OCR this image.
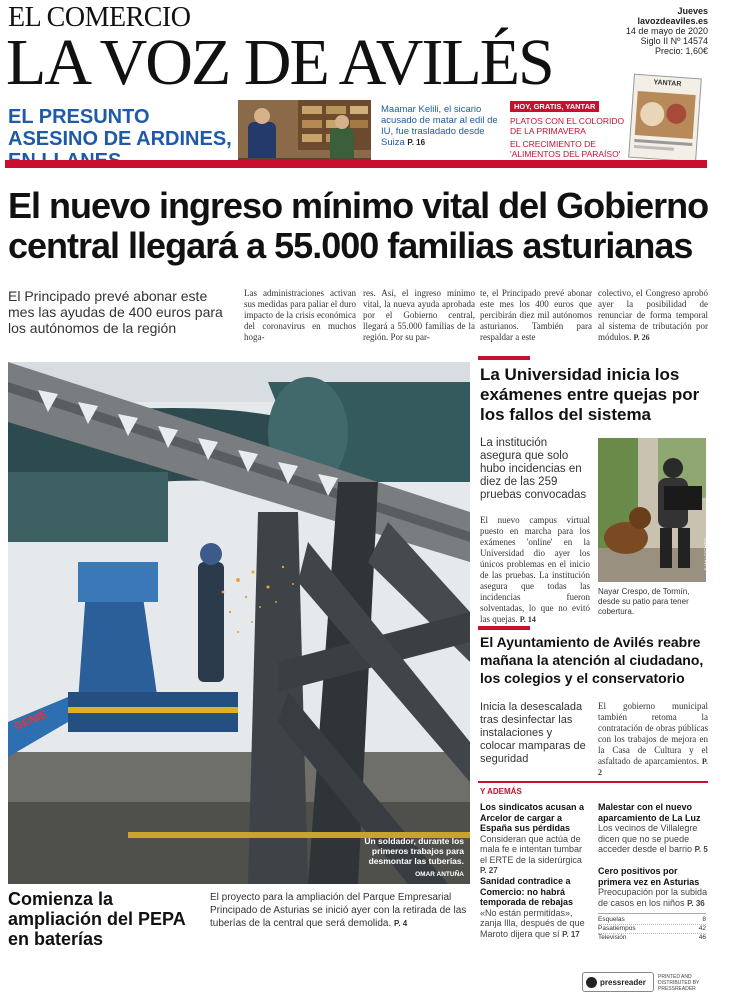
EL COMERCIO
LA VOZ DE AVILÉS
Jueves
lavozdeaviles.es
14 de mayo de 2020
Siglo II Nº 14574
Precio: 1,60€
EL PRESUNTO ASESINO DE ARDINES,
Maamar Kelili, el sicario acusado de matar al edil de IU, fue trasladado desde Suiza P. 16
HOY, GRATIS, YANTAR
PLATOS CON EL COLORIDO DE LA PRIMAVERA
EL CRECIMIENTO DE 'ALIMENTOS DEL PARAÍSO'
YANTAR
El nuevo ingreso mínimo vital del Gobierno central llegará a 55.000 familias asturianas
El Principado prevé abonar este mes las ayudas de 400 euros para los autónomos de la región
Las administraciones activan sus medidas para paliar el duro impacto de la crisis económica del coronavirus en muchos hoga-
res. Así, el ingreso mínimo vital, la nueva ayuda aprobada por el Gobierno central, llegará a 55.000 familias de la región. Por su par-
te, el Principado prevé abonar este mes los 400 euros que percibirán diez mil autónomos asturianos. También para respaldar a este
colectivo, el Congreso aprobó ayer la posibilidad de renunciar de forma temporal al sistema de tributación por módulos. P. 26
GENIE
Un soldador, durante los primeros trabajos para desmontar las tuberías.
OMAR ANTUÑA
Comienza la ampliación del PEPA en baterías
El proyecto para la ampliación del Parque Empresarial Principado de Asturias se inició ayer con la retirada de las tuberías de la central que será demolida. P. 4
La Universidad inicia los exámenes entre quejas por los fallos del sistema
La institución asegura que solo hubo incidencias en diez de las 259 pruebas convocadas
El nuevo campus virtual puesto en marcha para los exámenes 'online' en la Universidad dio ayer los únicos problemas en el inicio de las pruebas. La institución asegura que todas las incidencias fueron solventadas, lo que no evitó las quejas. P. 14
JUAN CIENTO
Nayar Crespo, de Tormín, desde su patio para tener cobertura.
El Ayuntamiento de Avilés reabre mañana la atención al ciudadano, los colegios y el conservatorio
Inicia la desescalada tras desinfectar las instalaciones y colocar mamparas de seguridad
El gobierno municipal también retoma la contratación de obras públicas con los trabajos de mejora en la Casa de Cultura y el asfaltado de aparcamientos. P. 2
Y ADEMÁS
Los sindicatos acusan a Arcelor de cargar a España sus pérdidas
Consideran que actúa de mala fe e intentan tumbar el ERTE de la siderúrgica P. 27
Malestar con el nuevo aparcamiento de La Luz
Los vecinos de Villalegre dicen que no se puede acceder desde el barrio P. 5
Sanidad contradice a Comercio: no habrá temporada de rebajas
«No están permitidas», zanja Illa, después de que Maroto dijera que sí P. 17
Cero positivos por primera vez en Asturias
Preocupación por la subida de casos en los niños P. 36
Esquelas	8
Pasatiempos	42
Televisión	46
pressreader
PRINTED AND DISTRIBUTED BY PRESSREADER
